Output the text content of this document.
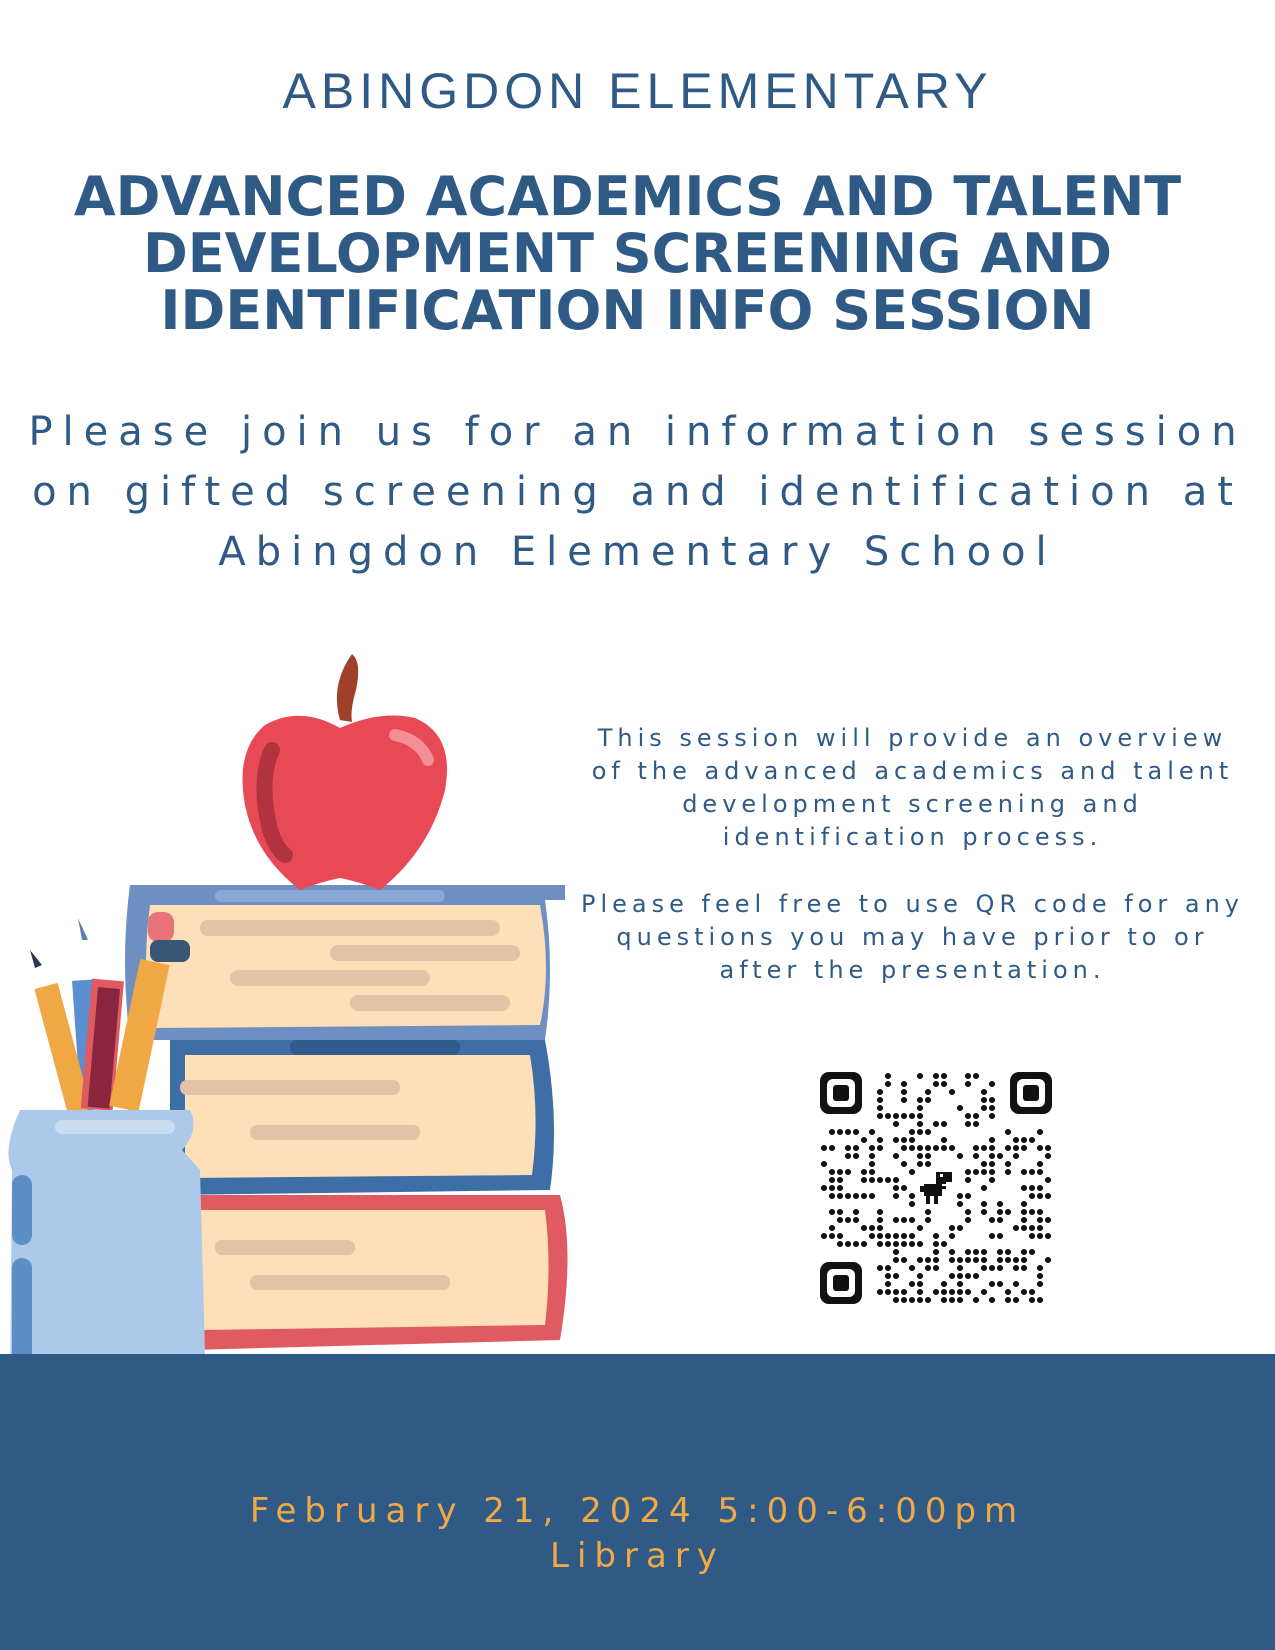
ABINGDON ELEMENTARY
ADVANCED ACADEMICS AND TALENT DEVELOPMENT SCREENING AND IDENTIFICATION INFO SESSION
Please join us for an information session on gifted screening and identification at Abingdon Elementary School

This session will provide an overview of the advanced academics and talent development screening and identification process.

Please feel free to use QR code for any questions you may have prior to or after the presentation.

February 21, 2024 5:00-6:00pm
Library
